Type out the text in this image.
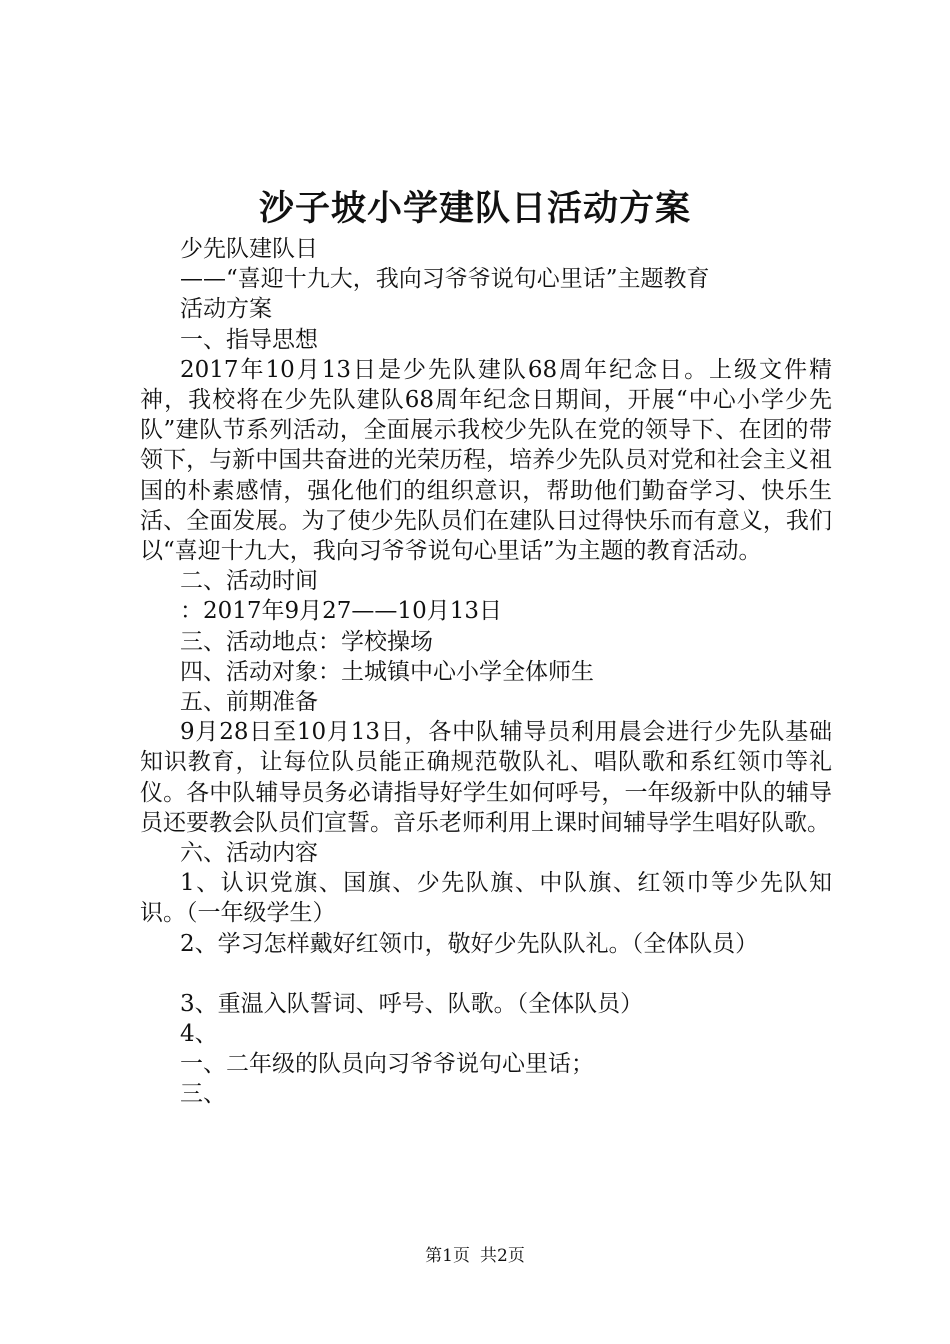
沙子坡小学建队日活动方案

少先队建队日

——“喜迎十九大，我向习爷爷说句心里话”主题教育

活动方案

一、指导思想

2017年10月13日是少先队建队68周年纪念日。上级文件精神，我校将在少先队建队68周年纪念日期间，开展“中心小学少先队”建队节系列活动，全面展示我校少先队在党的领导下、在团的带领下，与新中国共奋进的光荣历程，培养少先队员对党和社会主义祖国的朴素感情，强化他们的组织意识，帮助他们勤奋学习、快乐生活、全面发展。为了使少先队员们在建队日过得快乐而有意义，我们以“喜迎十九大，我向习爷爷说句心里话”为主题的教育活动。

二、活动时间

：2017年9月27——10月13日

三、活动地点：学校操场

四、活动对象：土城镇中心小学全体师生

五、前期准备

9月28日至10月13日，各中队辅导员利用晨会进行少先队基础知识教育，让每位队员能正确规范敬队礼、唱队歌和系红领巾等礼仪。各中队辅导员务必请指导好学生如何呼号，一年级新中队的辅导员还要教会队员们宣誓。音乐老师利用上课时间辅导学生唱好队歌。

六、活动内容

1、认识党旗、国旗、少先队旗、中队旗、红领巾等少先队知识。（一年级学生）

2、学习怎样戴好红领巾，敬好少先队队礼。（全体队员）

3、重温入队誓词、呼号、队歌。（全体队员）

4、

一、二年级的队员向习爷爷说句心里话；

三、

第1页 共2页
